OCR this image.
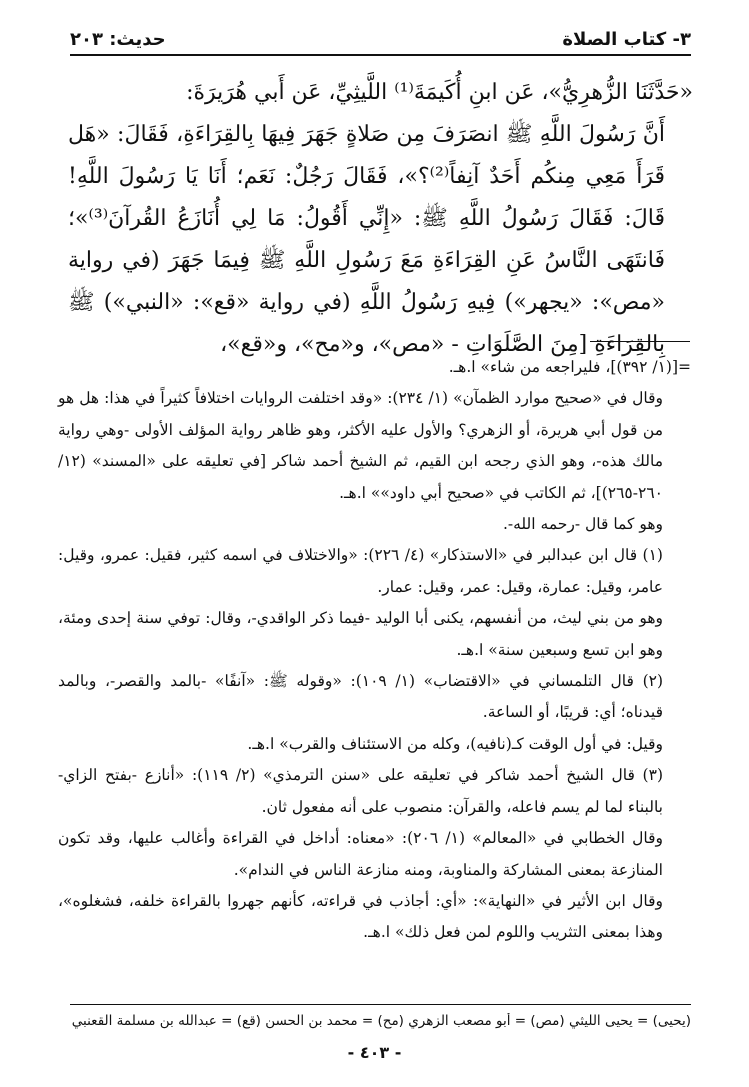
٣- كتاب الصلاة
حديث: ٢٠٣

«حَدَّثَنَا الزُّهرِيُّ»، عَن ابنِ أُكَيمَةَ⁽¹⁾ اللَّيثِيِّ، عَن أَبي هُرَيرَةَ:

أَنَّ رَسُولَ اللَّهِ ﷺ انصَرَفَ مِن صَلاةٍ جَهَرَ فِيهَا بِالقِرَاءَةِ، فَقَالَ: «هَل قَرَأَ مَعِي مِنكُم أَحَدٌ آنِفاً⁽²⁾؟»، فَقَالَ رَجُلٌ: نَعَم؛ أَنَا يَا رَسُولَ اللَّهِ! قَالَ: فَقَالَ رَسُولُ اللَّهِ ﷺ: «إِنِّي أَقُولُ: مَا لِي أُنَازَعُ القُرآنَ⁽³⁾»؛ فَانتَهَى النَّاسُ عَنِ القِرَاءَةِ مَعَ رَسُولِ اللَّهِ ﷺ فِيمَا جَهَرَ (في رواية «مص»: «يجهر») فِيهِ رَسُولُ اللَّهِ (في رواية «قع»: «النبي») ﷺ بِالقِرَاءَةِ [مِنَ الصَّلَوَاتِ - «مص»، و«مح»، و«قع»،

=[(١/ ٣٩٢)]، فليراجعه من شاء» ا.هـ.

وقال في «صحيح موارد الظمآن» (١/ ٢٣٤): «وقد اختلفت الروايات اختلافاً كثيراً في هذا: هل هو من قول أبي هريرة، أو الزهري؟ والأول عليه الأكثر، وهو ظاهر رواية المؤلف الأولى -وهي رواية مالك هذه-، وهو الذي رجحه ابن القيم، ثم الشيخ أحمد شاكر [في تعليقه على «المسند» (١٢/ ٢٦٠-٢٦٥)]، ثم الكاتب في «صحيح أبي داود»» ا.هـ.

وهو كما قال -رحمه الله-.

(١) قال ابن عبدالبر في «الاستذكار» (٤/ ٢٢٦): «والاختلاف في اسمه كثير، فقيل: عمرو، وقيل: عامر، وقيل: عمارة، وقيل: عمر، وقيل: عمار.

وهو من بني ليث، من أنفسهم، يكنى أبا الوليد -فيما ذكر الواقدي-، وقال: توفي سنة إحدى ومئة، وهو ابن تسع وسبعين سنة» ا.هـ.

(٢) قال التلمساني في «الاقتضاب» (١/ ١٠٩): «وقوله ﷺ: «آنفًا» -بالمد والقصر-، وبالمد قيدناه؛ أي: قريبًا، أو الساعة.

وقيل: في أول الوقت كـ(نافيه)، وكله من الاستئناف والقرب» ا.هـ.

(٣) قال الشيخ أحمد شاكر في تعليقه على «سنن الترمذي» (٢/ ١١٩): «أنازع -بفتح الزاي- بالبناء لما لم يسم فاعله، والقرآن: منصوب على أنه مفعول ثان.

وقال الخطابي في «المعالم» (١/ ٢٠٦): «معناه: أداخل في القراءة وأغالب عليها، وقد تكون المنازعة بمعنى المشاركة والمناوبة، ومنه منازعة الناس في الندام».

وقال ابن الأثير في «النهاية»: «أي: أجاذب في قراءته، كأنهم جهروا بالقراءة خلفه، فشغلوه»، وهذا بمعنى التثريب واللوم لمن فعل ذلك» ا.هـ.

(يحيى) = يحيى الليثي (مص) = أبو مصعب الزهري (مح) = محمد بن الحسن (قع) = عبدالله بن مسلمة القعنبي
- ٤٠٣ -
